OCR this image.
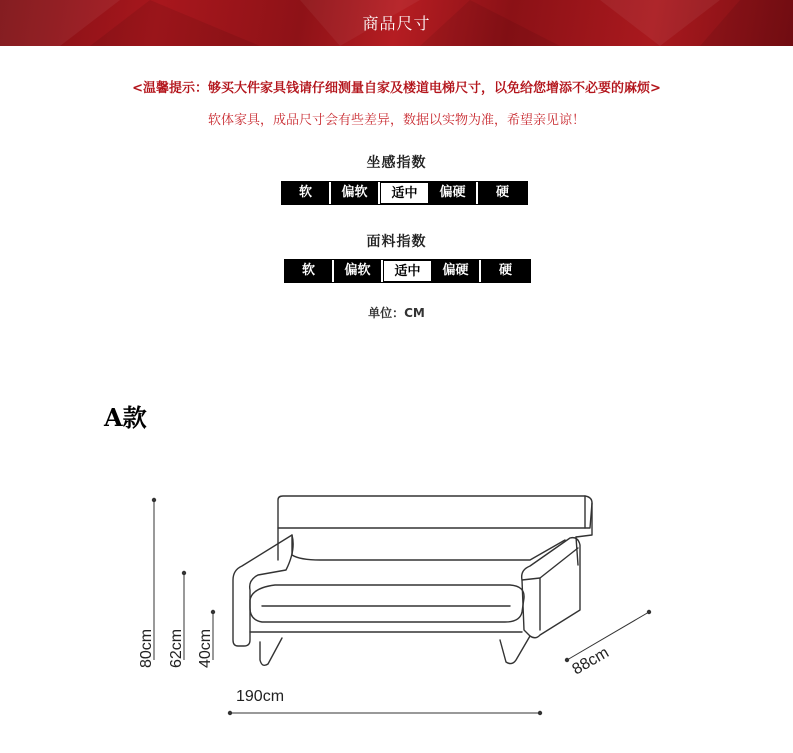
商品尺寸
<温馨提示：够买大件家具钱请仔细测量自家及楼道电梯尺寸，以免给您增添不必要的麻烦>
软体家具，成品尺寸会有些差异，数据以实物为准，希望亲见谅！
坐感指数
软	偏软	适中	偏硬	硬
面料指数
软	偏软	适中	偏硬	硬
单位：CM
A款
80cm 62cm 40cm
190cm
88cm
